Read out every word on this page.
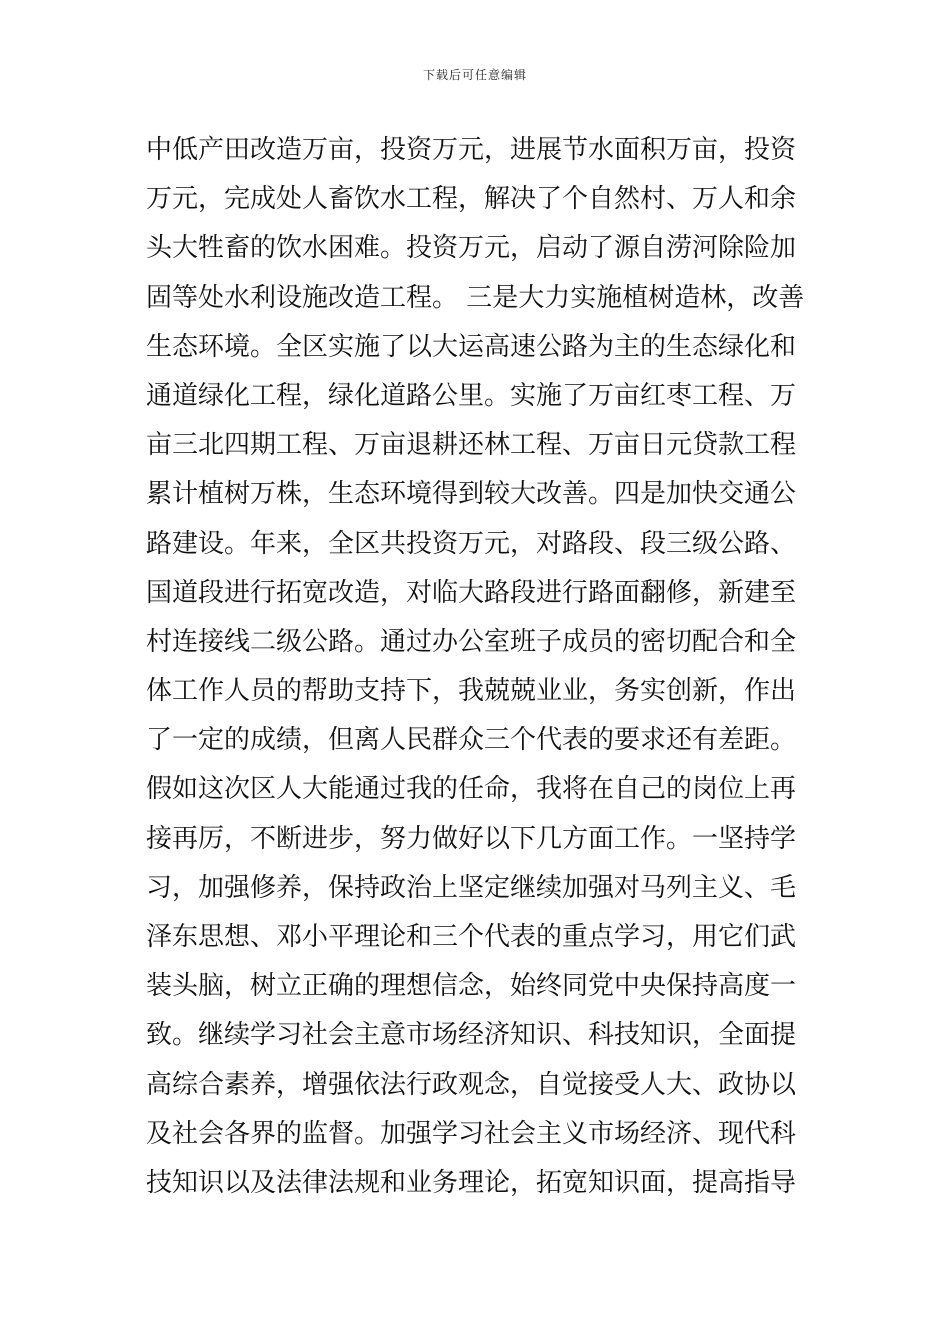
下载后可任意编辑
中低产田改造万亩，投资万元，进展节水面积万亩，投资
万元，完成处人畜饮水工程，解决了个自然村、万人和余
头大牲畜的饮水困难。投资万元，启动了源自涝河除险加
固等处水利设施改造工程。 三是大力实施植树造林，改善
生态环境。全区实施了以大运高速公路为主的生态绿化和
通道绿化工程，绿化道路公里。实施了万亩红枣工程、万
亩三北四期工程、万亩退耕还林工程、万亩日元贷款工程
累计植树万株，生态环境得到较大改善。四是加快交通公
路建设。年来，全区共投资万元，对路段、段三级公路、
国道段进行拓宽改造，对临大路段进行路面翻修，新建至
村连接线二级公路。通过办公室班子成员的密切配合和全
体工作人员的帮助支持下，我兢兢业业，务实创新，作出
了一定的成绩，但离人民群众三个代表的要求还有差距。
假如这次区人大能通过我的任命，我将在自己的岗位上再
接再厉，不断进步，努力做好以下几方面工作。一坚持学
习，加强修养，保持政治上坚定继续加强对马列主义、毛
泽东思想、邓小平理论和三个代表的重点学习，用它们武
装头脑，树立正确的理想信念，始终同党中央保持高度一
致。继续学习社会主意市场经济知识、科技知识，全面提
高综合素养，增强依法行政观念，自觉接受人大、政协以
及社会各界的监督。加强学习社会主义市场经济、现代科
技知识以及法律法规和业务理论，拓宽知识面，提高指导
